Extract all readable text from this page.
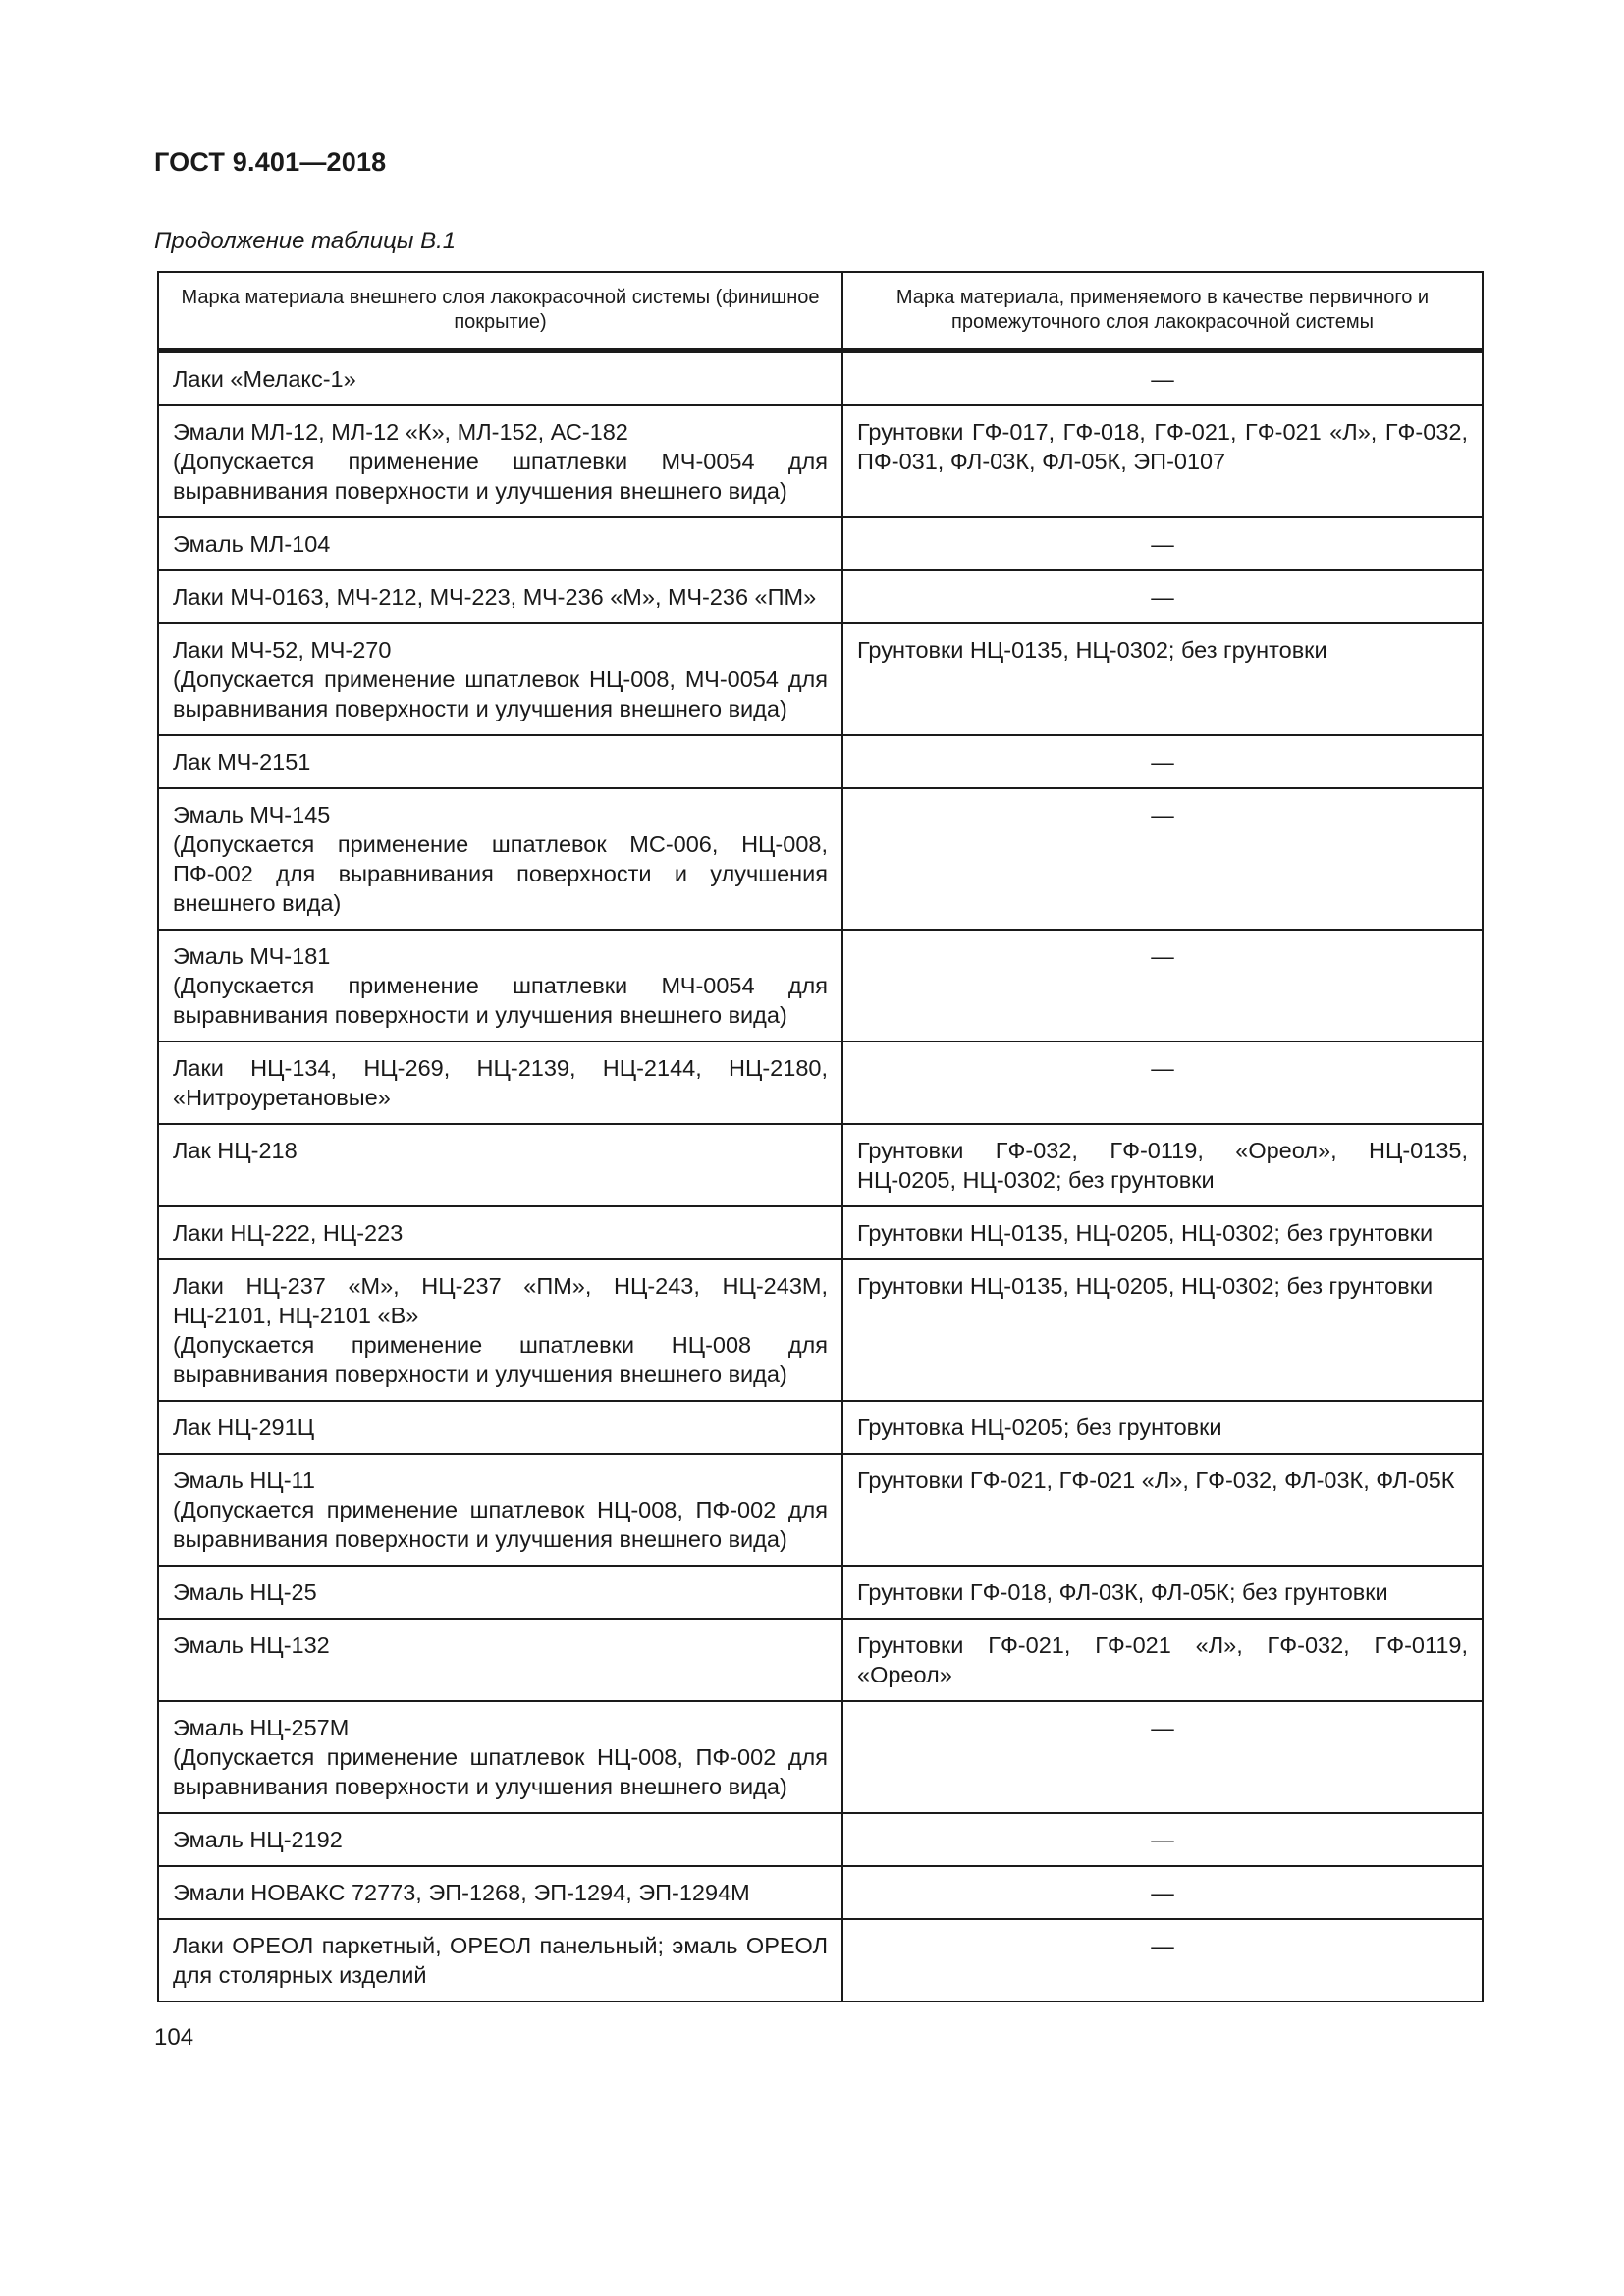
ГОСТ 9.401—2018
Продолжение таблицы В.1
Марка материала внешнего слоя лакокрасочной системы (финишное покрытие)	Марка материала, применяемого в качестве первичного и промежуточного слоя лакокрасочной системы

Лаки «Мелакс-1»	—

Эмали МЛ-12, МЛ-12 «К», МЛ-152, АС-182
(Допускается применение шпатлевки МЧ-0054 для выравнивания поверхности и улучшения внешнего вида)	Грунтовки ГФ-017, ГФ-018, ГФ-021, ГФ-021 «Л», ГФ-032, ПФ-031, ФЛ-03К, ФЛ-05К, ЭП-0107

Эмаль МЛ-104	—

Лаки МЧ-0163, МЧ-212, МЧ-223, МЧ-236 «М», МЧ-236 «ПМ»	—

Лаки МЧ-52, МЧ-270
(Допускается применение шпатлевок НЦ-008, МЧ-0054 для выравнивания поверхности и улучшения внешнего вида)	Грунтовки НЦ-0135, НЦ-0302; без грунтовки

Лак МЧ-2151	—

Эмаль МЧ-145
(Допускается применение шпатлевок МС-006, НЦ-008, ПФ-002 для выравнивания поверхности и улучшения внешнего вида)	—

Эмаль МЧ-181
(Допускается применение шпатлевки МЧ-0054 для выравнивания поверхности и улучшения внешнего вида)	—

Лаки НЦ-134, НЦ-269, НЦ-2139, НЦ-2144, НЦ-2180, «Нитроуретановые»	—

Лак НЦ-218	Грунтовки ГФ-032, ГФ-0119, «Ореол», НЦ-0135, НЦ-0205, НЦ-0302; без грунтовки

Лаки НЦ-222, НЦ-223	Грунтовки НЦ-0135, НЦ-0205, НЦ-0302; без грунтовки

Лаки НЦ-237 «М», НЦ-237 «ПМ», НЦ-243, НЦ-243М, НЦ-2101, НЦ-2101 «В»
(Допускается применение шпатлевки НЦ-008 для выравнивания поверхности и улучшения внешнего вида)	Грунтовки НЦ-0135, НЦ-0205, НЦ-0302; без грунтовки

Лак НЦ-291Ц	Грунтовка НЦ-0205; без грунтовки

Эмаль НЦ-11
(Допускается применение шпатлевок НЦ-008, ПФ-002 для выравнивания поверхности и улучшения внешнего вида)	Грунтовки ГФ-021, ГФ-021 «Л», ГФ-032, ФЛ-03К, ФЛ-05К

Эмаль НЦ-25	Грунтовки ГФ-018, ФЛ-03К, ФЛ-05К; без грунтовки

Эмаль НЦ-132	Грунтовки ГФ-021, ГФ-021 «Л», ГФ-032, ГФ-0119, «Ореол»

Эмаль НЦ-257М
(Допускается применение шпатлевок НЦ-008, ПФ-002 для выравнивания поверхности и улучшения внешнего вида)	—

Эмаль НЦ-2192	—

Эмали НОВАКС 72773, ЭП-1268, ЭП-1294, ЭП-1294М	—

Лаки ОРЕОЛ паркетный, ОРЕОЛ панельный; эмаль ОРЕОЛ для столярных изделий	—
104
